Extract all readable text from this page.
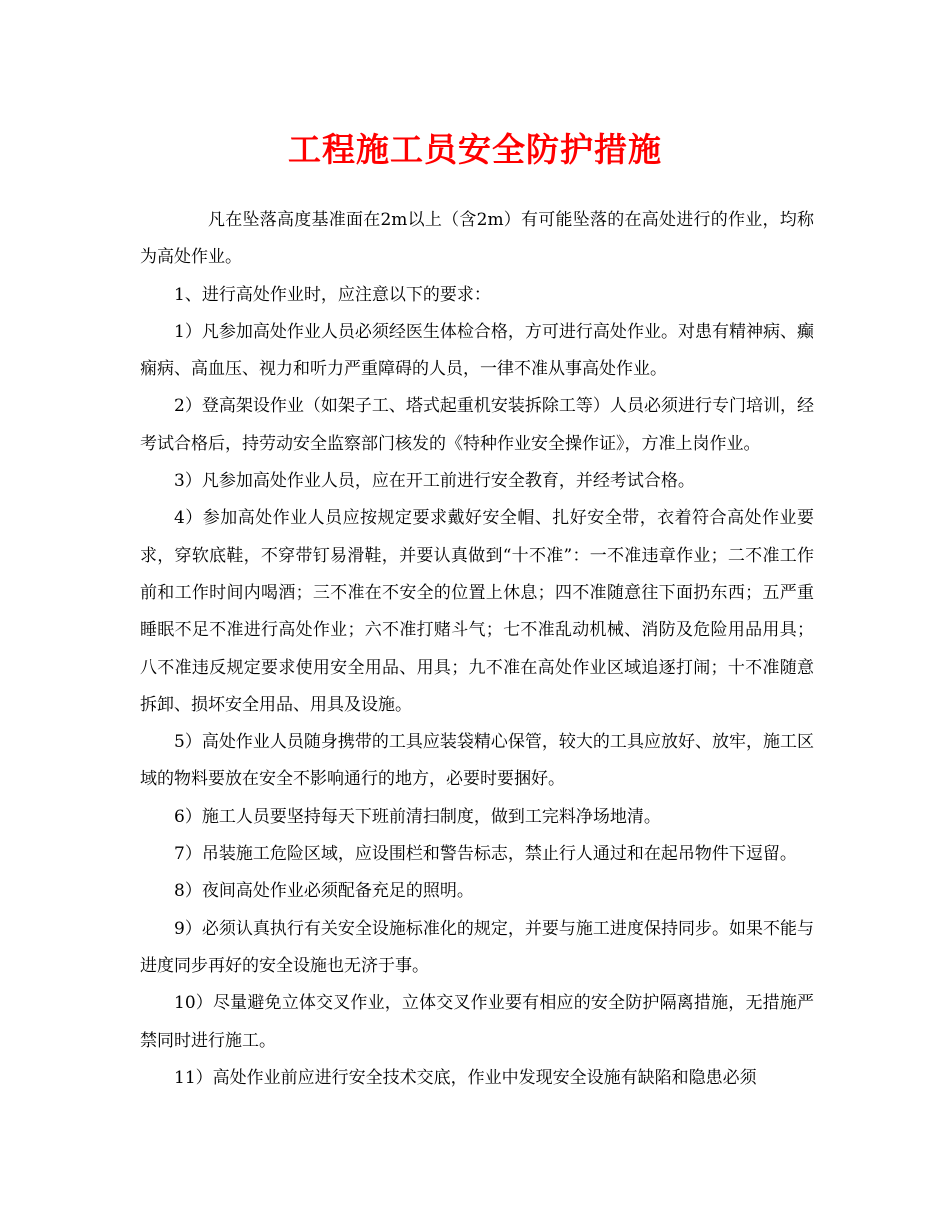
工程施工员安全防护措施

凡在坠落高度基准面在2m以上（含2m）有可能坠落的在高处进行的作业，均称为高处作业。

1、进行高处作业时，应注意以下的要求：

1）凡参加高处作业人员必须经医生体检合格，方可进行高处作业。对患有精神病、癫痫病、高血压、视力和听力严重障碍的人员，一律不准从事高处作业。

2）登高架设作业（如架子工、塔式起重机安装拆除工等）人员必须进行专门培训，经考试合格后，持劳动安全监察部门核发的《特种作业安全操作证》，方准上岗作业。

3）凡参加高处作业人员，应在开工前进行安全教育，并经考试合格。

4）参加高处作业人员应按规定要求戴好安全帽、扎好安全带，衣着符合高处作业要求，穿软底鞋，不穿带钉易滑鞋，并要认真做到“十不准”：一不准违章作业；二不准工作前和工作时间内喝酒；三不准在不安全的位置上休息；四不准随意往下面扔东西；五严重睡眠不足不准进行高处作业；六不准打赌斗气；七不准乱动机械、消防及危险用品用具；八不准违反规定要求使用安全用品、用具；九不准在高处作业区域追逐打闹；十不准随意拆卸、损坏安全用品、用具及设施。

5）高处作业人员随身携带的工具应装袋精心保管，较大的工具应放好、放牢，施工区域的物料要放在安全不影响通行的地方，必要时要捆好。

6）施工人员要坚持每天下班前清扫制度，做到工完料净场地清。

7）吊装施工危险区域，应设围栏和警告标志，禁止行人通过和在起吊物件下逗留。

8）夜间高处作业必须配备充足的照明。

9）必须认真执行有关安全设施标准化的规定，并要与施工进度保持同步。如果不能与进度同步再好的安全设施也无济于事。

10）尽量避免立体交叉作业，立体交叉作业要有相应的安全防护隔离措施，无措施严禁同时进行施工。

11）高处作业前应进行安全技术交底，作业中发现安全设施有缺陷和隐患必须
